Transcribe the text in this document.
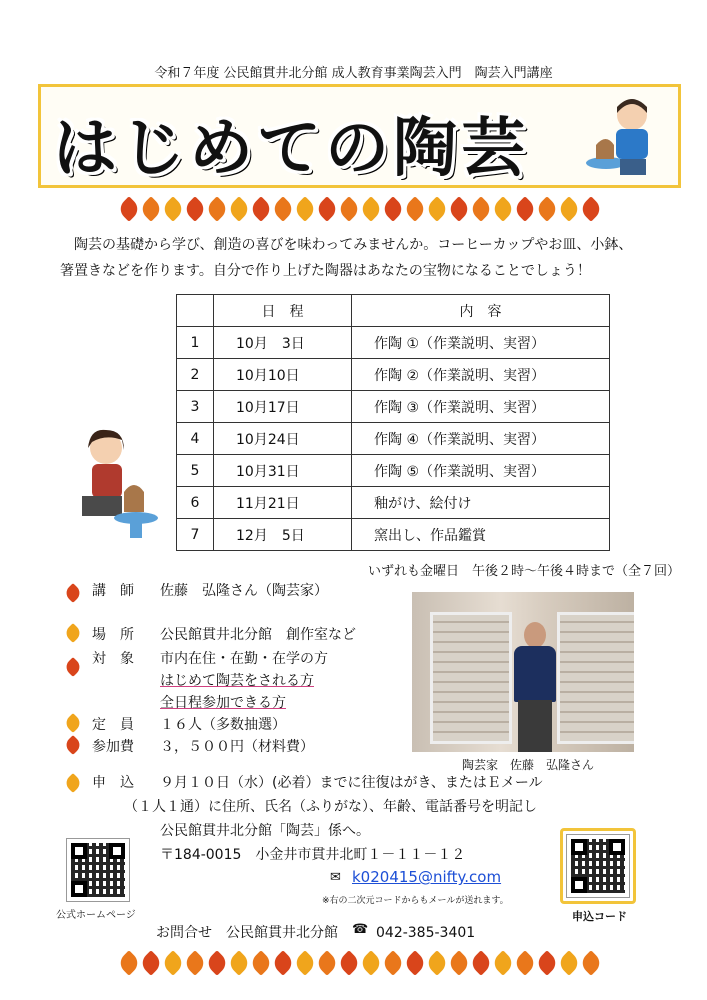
令和７年度 公民館貫井北分館 成人教育事業陶芸入門　陶芸入門講座
はじめての陶芸

陶芸の基礎から学び、創造の喜びを味わってみませんか。コーヒーカップやお皿、小鉢、

箸置きなどを作ります。自分で作り上げた陶器はあなたの宝物になることでしょう！
	日　程	内　容
1	10月　3日	作陶 ①（作業説明、実習）
2	10月10日	作陶 ②（作業説明、実習）
3	10月17日	作陶 ③（作業説明、実習）
4	10月24日	作陶 ④（作業説明、実習）
5	10月31日	作陶 ⑤（作業説明、実習）
6	11月21日	釉がけ、絵付け
7	12月　5日	窯出し、作品鑑賞
いずれも金曜日　午後２時～午後４時まで（全７回）
講　師 佐藤　弘隆さん（陶芸家）
場　所 公民館貫井北分館　創作室など
対　象 市内在住・在勤・在学の方
はじめて陶芸をされる方
全日程参加できる方
定　員 １６人（多数抽選）
参加費 ３，５００円（材料費）
陶芸家　佐藤　弘隆さん
申　込 ９月１０日（水）(必着）までに往復はがき、またはＥメール
（１人１通）に住所、氏名（ふりがな）、年齢、電話番号を明記し
公民館貫井北分館「陶芸」係へ。
〒184-0015　小金井市貫井北町１－１１－１２
✉ k020415@nifty.com
※右の二次元コードからもメールが送れます。
公式ホームページ	申込コード
お問合せ　公民館貫井北分館 ☎ 042-385-3401
